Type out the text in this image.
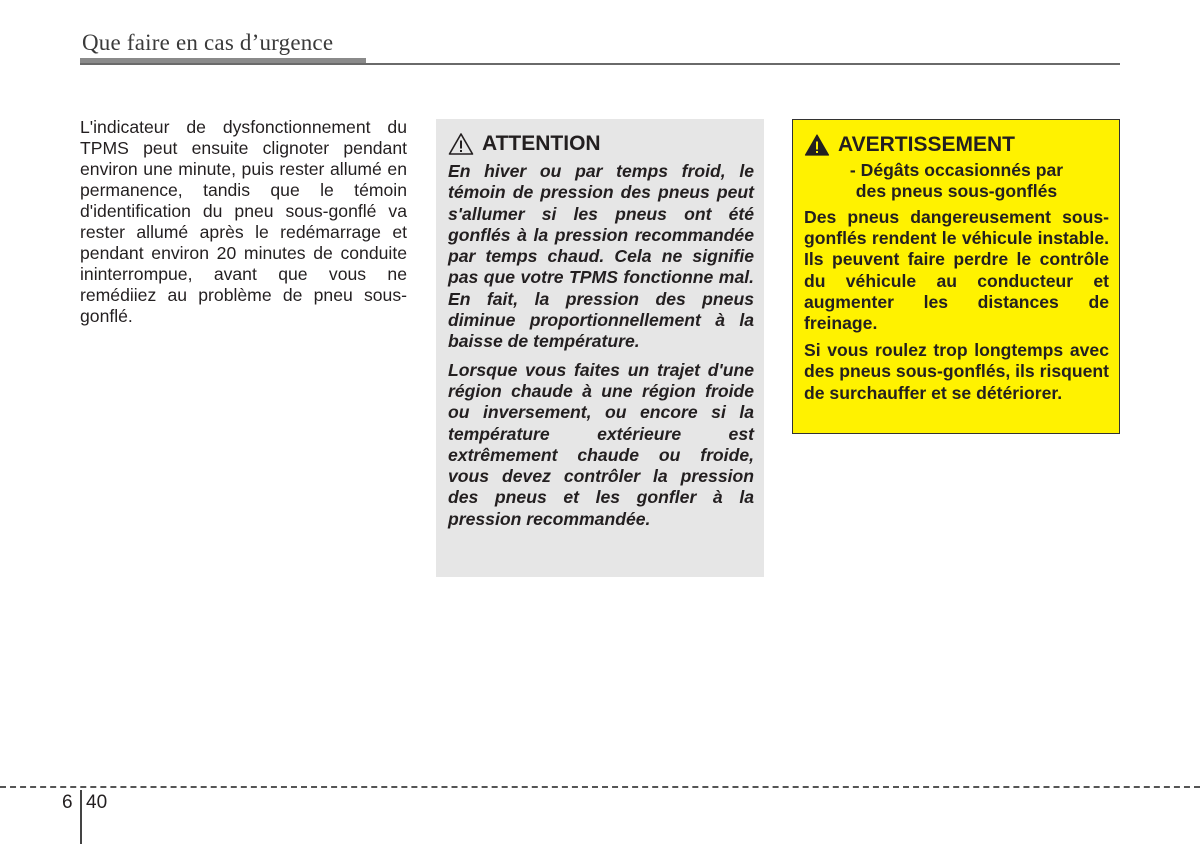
Que faire en cas d’urgence
L'indicateur de dysfonctionnement du TPMS peut ensuite clignoter pendant environ une minute, puis rester allumé en permanence, tandis que le témoin d'identification du pneu sous-gonflé va rester allumé après le redémarrage et pendant environ 20 minutes de conduite ininterrompue, avant que vous ne remédiiez au problème de pneu sous-gonflé.
ATTENTION

En hiver ou par temps froid, le témoin de pression des pneus peut s'allumer si les pneus ont été gonflés à la pression recommandée par temps chaud. Cela ne signifie pas que votre TPMS fonctionne mal. En fait, la pression des pneus diminue proportionnellement à la baisse de température.

Lorsque vous faites un trajet d'une région chaude à une région froide ou inversement, ou encore si la température extérieure est extrêmement chaude ou froide, vous devez contrôler la pression des pneus et les gonfler à la pression recommandée.

AVERTISSEMENT
- Dégâts occasionnés par
des pneus sous-gonflés

Des pneus dangereusement sous-gonflés rendent le véhicule instable. Ils peuvent faire perdre le contrôle du véhicule au conducteur et augmenter les distances de freinage.

Si vous roulez trop longtemps avec des pneus sous-gonflés, ils risquent de surchauffer et se détériorer.

6 40
